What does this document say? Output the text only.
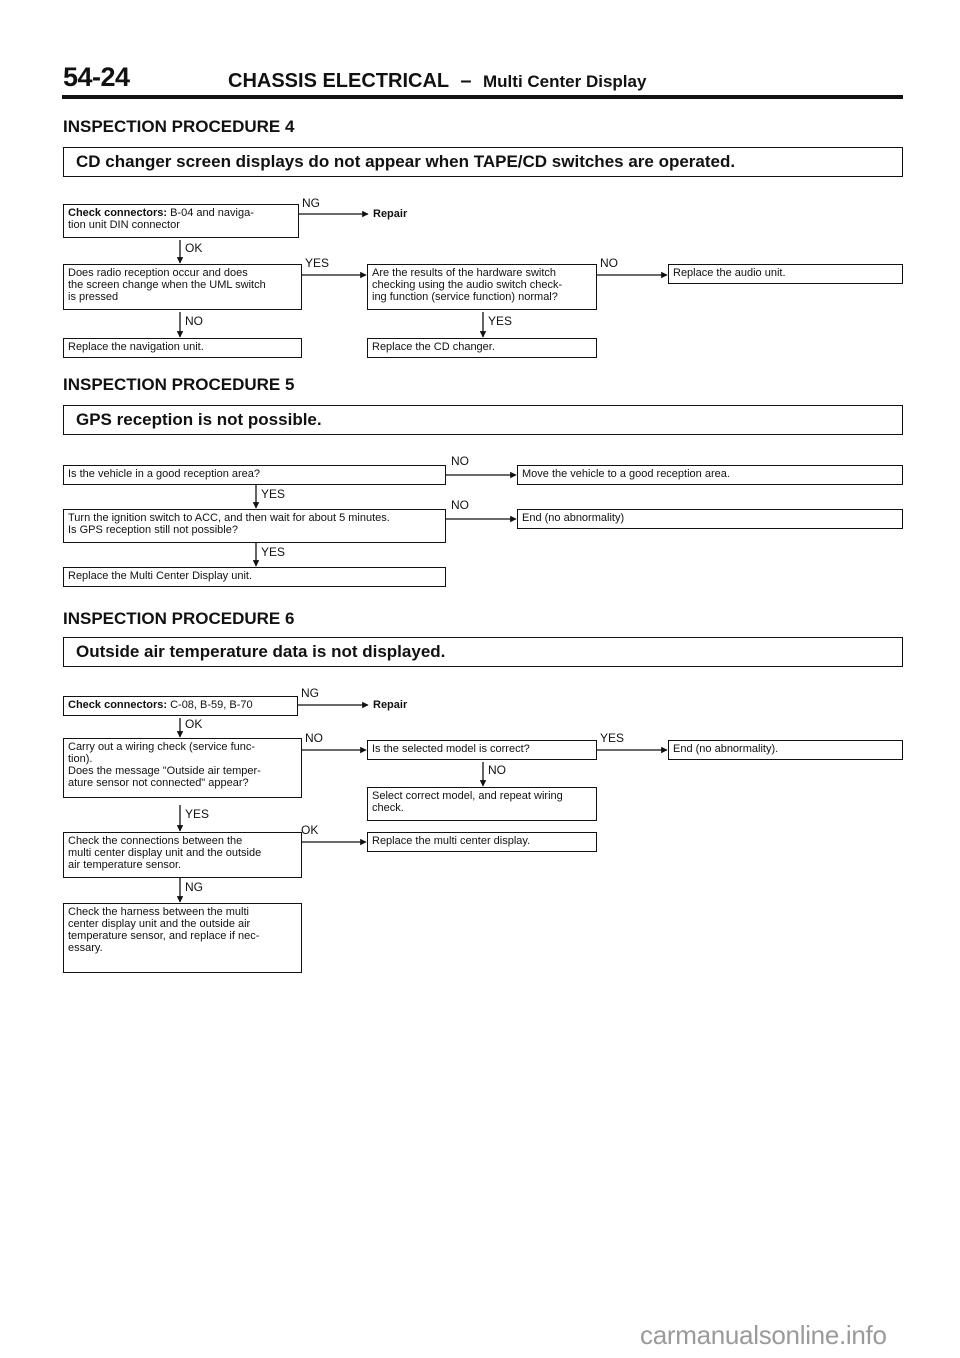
54-24	CHASSIS ELECTRICAL – Multi Center Display
INSPECTION PROCEDURE 4
CD changer screen displays do not appear when TAPE/CD switches are operated.
Check connectors: B-04 and naviga-
tion unit DIN connector
NG
Repair
OK
Does radio reception occur and does
the screen change when the UML switch
is pressed
YES
Are the results of the hardware switch
checking using the audio switch check-
ing function (service function) normal?
NO
Replace the audio unit.
NO	YES
Replace the navigation unit.	Replace the CD changer.
INSPECTION PROCEDURE 5
GPS reception is not possible.
Is the vehicle in a good reception area?
NO
Move the vehicle to a good reception area.
YES
Turn the ignition switch to ACC, and then wait for about 5 minutes.
Is GPS reception still not possible?
NO
End (no abnormality)
YES
Replace the Multi Center Display unit.
INSPECTION PROCEDURE 6
Outside air temperature data is not displayed.
Check connectors: C-08, B-59, B-70
NG
Repair
OK
Carry out a wiring check (service func-
tion).
Does the message "Outside air temper-
ature sensor not connected" appear?
NO
Is the selected model is correct?
YES
End (no abnormality).
NO
Select correct model, and repeat wiring
check.
YES
Check the connections between the
multi center display unit and the outside
air temperature sensor.
OK
Replace the multi center display.
NG
Check the harness between the multi
center display unit and the outside air
temperature sensor, and replace if nec-
essary.
carmanualsonline.info
